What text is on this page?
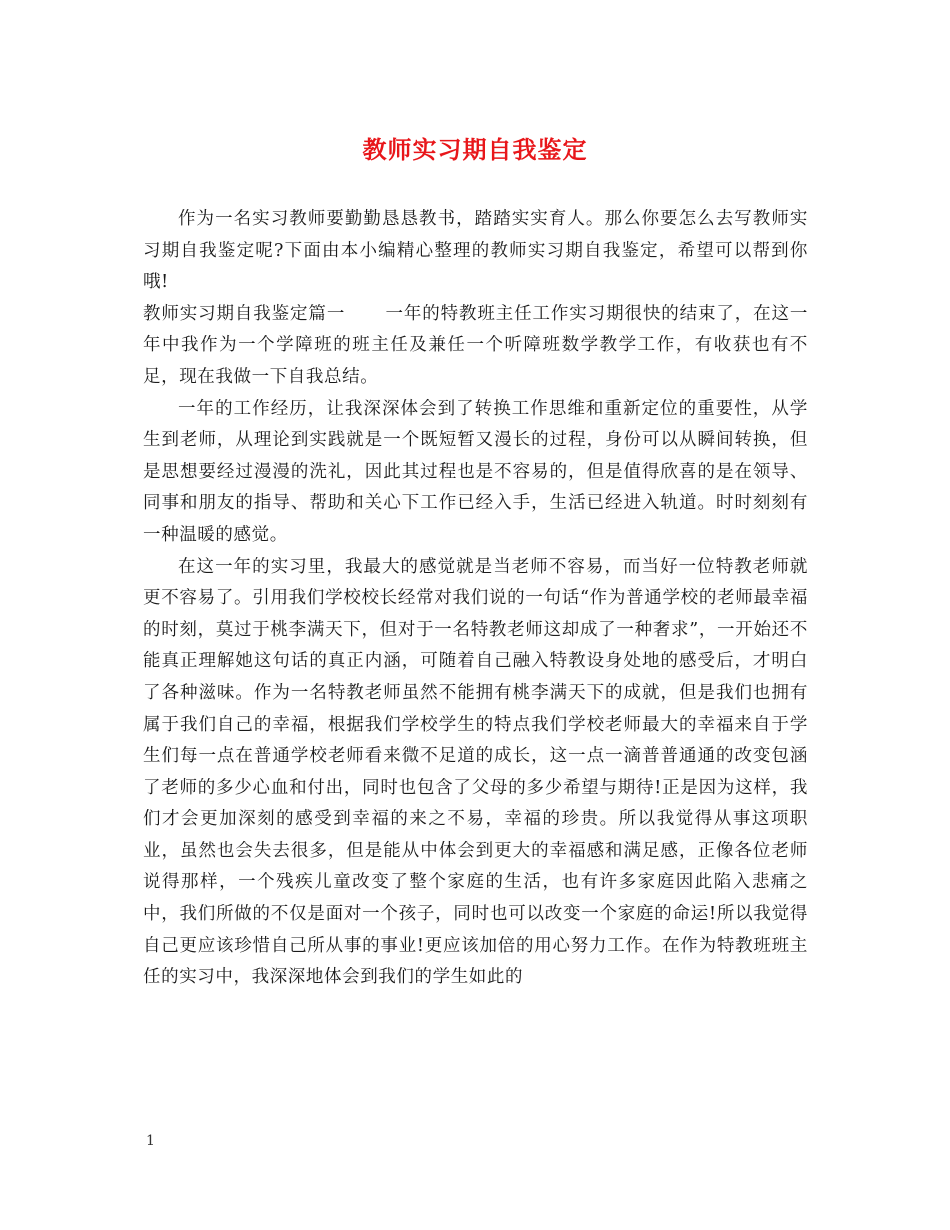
教师实习期自我鉴定

作为一名实习教师要勤勤恳恳教书，踏踏实实育人。那么你要怎么去写教师实习期自我鉴定呢?下面由本小编精心整理的教师实习期自我鉴定，希望可以帮到你哦!

教师实习期自我鉴定篇一 一年的特教班主任工作实习期很快的结束了，在这一年中我作为一个学障班的班主任及兼任一个听障班数学教学工作，有收获也有不足，现在我做一下自我总结。

一年的工作经历，让我深深体会到了转换工作思维和重新定位的重要性，从学生到老师，从理论到实践就是一个既短暂又漫长的过程，身份可以从瞬间转换，但是思想要经过漫漫的洗礼，因此其过程也是不容易的，但是值得欣喜的是在领导、同事和朋友的指导、帮助和关心下工作已经入手，生活已经进入轨道。时时刻刻有一种温暖的感觉。

在这一年的实习里，我最大的感觉就是当老师不容易，而当好一位特教老师就更不容易了。引用我们学校校长经常对我们说的一句话“作为普通学校的老师最幸福的时刻，莫过于桃李满天下，但对于一名特教老师这却成了一种奢求”，一开始还不能真正理解她这句话的真正内涵，可随着自己融入特教设身处地的感受后，才明白了各种滋味。作为一名特教老师虽然不能拥有桃李满天下的成就，但是我们也拥有属于我们自己的幸福，根据我们学校学生的特点我们学校老师最大的幸福来自于学生们每一点在普通学校老师看来微不足道的成长，这一点一滴普普通通的改变包涵了老师的多少心血和付出，同时也包含了父母的多少希望与期待!正是因为这样，我们才会更加深刻的感受到幸福的来之不易，幸福的珍贵。所以我觉得从事这项职业，虽然也会失去很多，但是能从中体会到更大的幸福感和满足感，正像各位老师说得那样，一个残疾儿童改变了整个家庭的生活，也有许多家庭因此陷入悲痛之中，我们所做的不仅是面对一个孩子，同时也可以改变一个家庭的命运!所以我觉得自己更应该珍惜自己所从事的事业!更应该加倍的用心努力工作。在作为特教班班主任的实习中，我深深地体会到我们的学生如此的

1
